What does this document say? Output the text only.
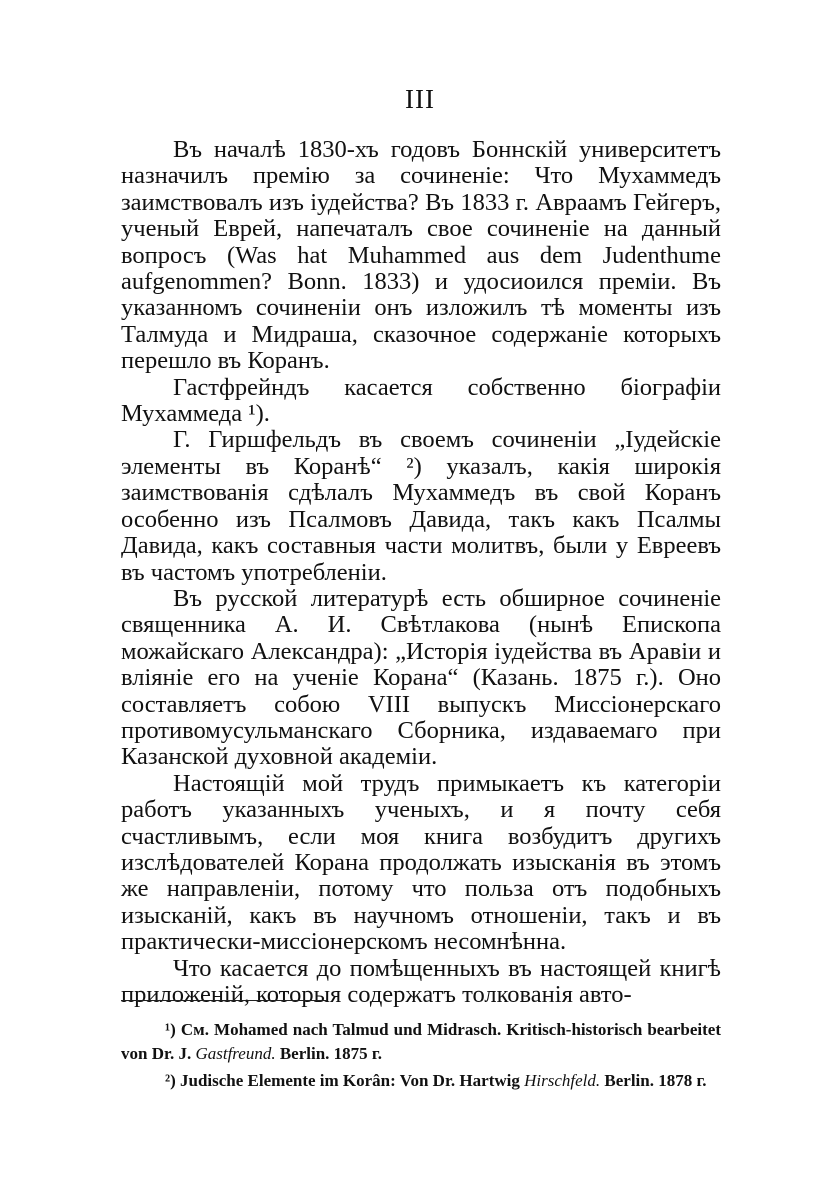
III

Въ началѣ 1830-хъ годовъ Боннскій университетъ назначилъ премію за сочиненіе: Что Мухаммедъ заимствовалъ изъ іудейства? Въ 1833 г. Авраамъ Гейгеръ, ученый Еврей, напечаталъ свое сочиненіе на данный вопросъ (Was hat Muhammed aus dem Judenthume aufgenommen? Bonn. 1833) и удосиоился преміи. Въ указанномъ сочиненіи онъ изложилъ тѣ моменты изъ Талмуда и Мидраша, сказочное содержаніе которыхъ перешло въ Коранъ.

Гастфрейндъ касается собственно біографіи Мухаммеда ¹).

Г. Гиршфельдъ въ своемъ сочиненіи „Іудейскіе элементы въ Коранѣ“ ²) указалъ, какія широкія заимствованія сдѣлалъ Мухаммедъ въ свой Коранъ особенно изъ Псалмовъ Давида, такъ какъ Псалмы Давида, какъ составныя части молитвъ, были у Евреевъ въ частомъ употребленіи.

Въ русской литературѣ есть обширное сочиненіе священника А. И. Свѣтлакова (нынѣ Епископа можайскаго Александра): „Исторія іудейства въ Аравіи и вліяніе его на ученіе Корана“ (Казань. 1875 г.). Оно составляетъ собою VIII выпускъ Миссіонерскаго противомусульманскаго Сборника, издаваемаго при Казанской духовной академіи.

Настоящій мой трудъ примыкаетъ къ категоріи работъ указанныхъ ученыхъ, и я почту себя счастливымъ, если моя книга возбудитъ другихъ изслѣдователей Корана продолжать изысканія въ этомъ же направленіи, потому что польза отъ подобныхъ изысканій, какъ въ научномъ отношеніи, такъ и въ практически-миссіонерскомъ несомнѣнна.

Что касается до помѣщенныхъ въ настоящей книгѣ приложеній, которыя содержатъ толкованія авто-

¹) См. Mohamed nach Talmud und Midrasch. Kritisch-historisch bearbeitet von Dr. J. Gastfreund. Berlin. 1875 г.

²) Judische Elemente im Korân: Von Dr. Hartwig Hirschfeld. Berlin. 1878 г.
